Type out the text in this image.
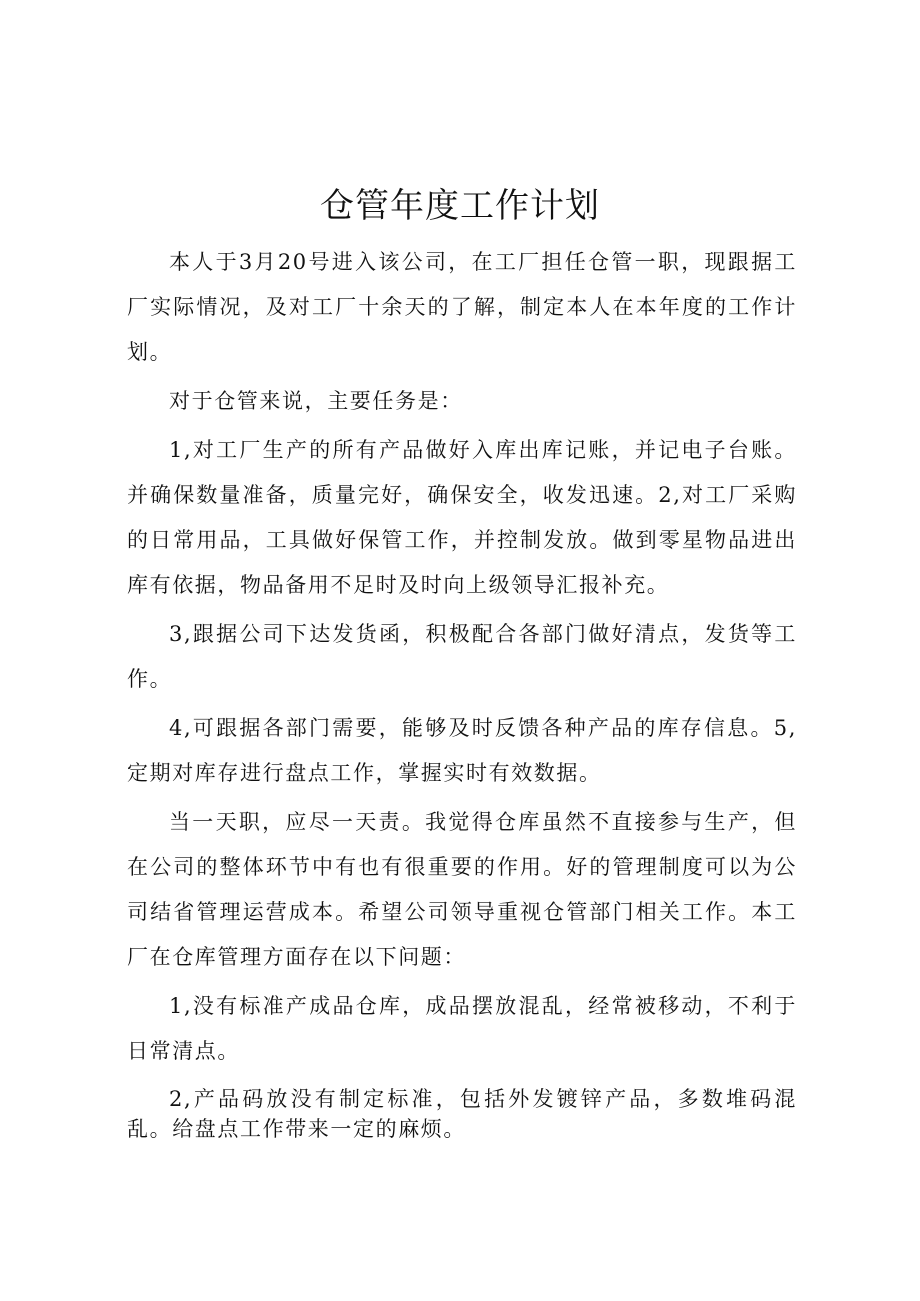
仓管年度工作计划

本人于3月20号进入该公司，在工厂担任仓管一职，现跟据工厂实际情况，及对工厂十余天的了解，制定本人在本年度的工作计划。

对于仓管来说，主要任务是：

1,对工厂生产的所有产品做好入库出库记账，并记电子台账。并确保数量准备，质量完好，确保安全，收发迅速。2,对工厂采购的日常用品，工具做好保管工作，并控制发放。做到零星物品进出库有依据，物品备用不足时及时向上级领导汇报补充。

3,跟据公司下达发货函，积极配合各部门做好清点，发货等工作。

4,可跟据各部门需要，能够及时反馈各种产品的库存信息。5,定期对库存进行盘点工作，掌握实时有效数据。

当一天职，应尽一天责。我觉得仓库虽然不直接参与生产，但在公司的整体环节中有也有很重要的作用。好的管理制度可以为公司结省管理运营成本。希望公司领导重视仓管部门相关工作。本工厂在仓库管理方面存在以下问题：

1,没有标准产成品仓库，成品摆放混乱，经常被移动，不利于日常清点。

2,产品码放没有制定标准，包括外发镀锌产品，多数堆码混乱。给盘点工作带来一定的麻烦。
